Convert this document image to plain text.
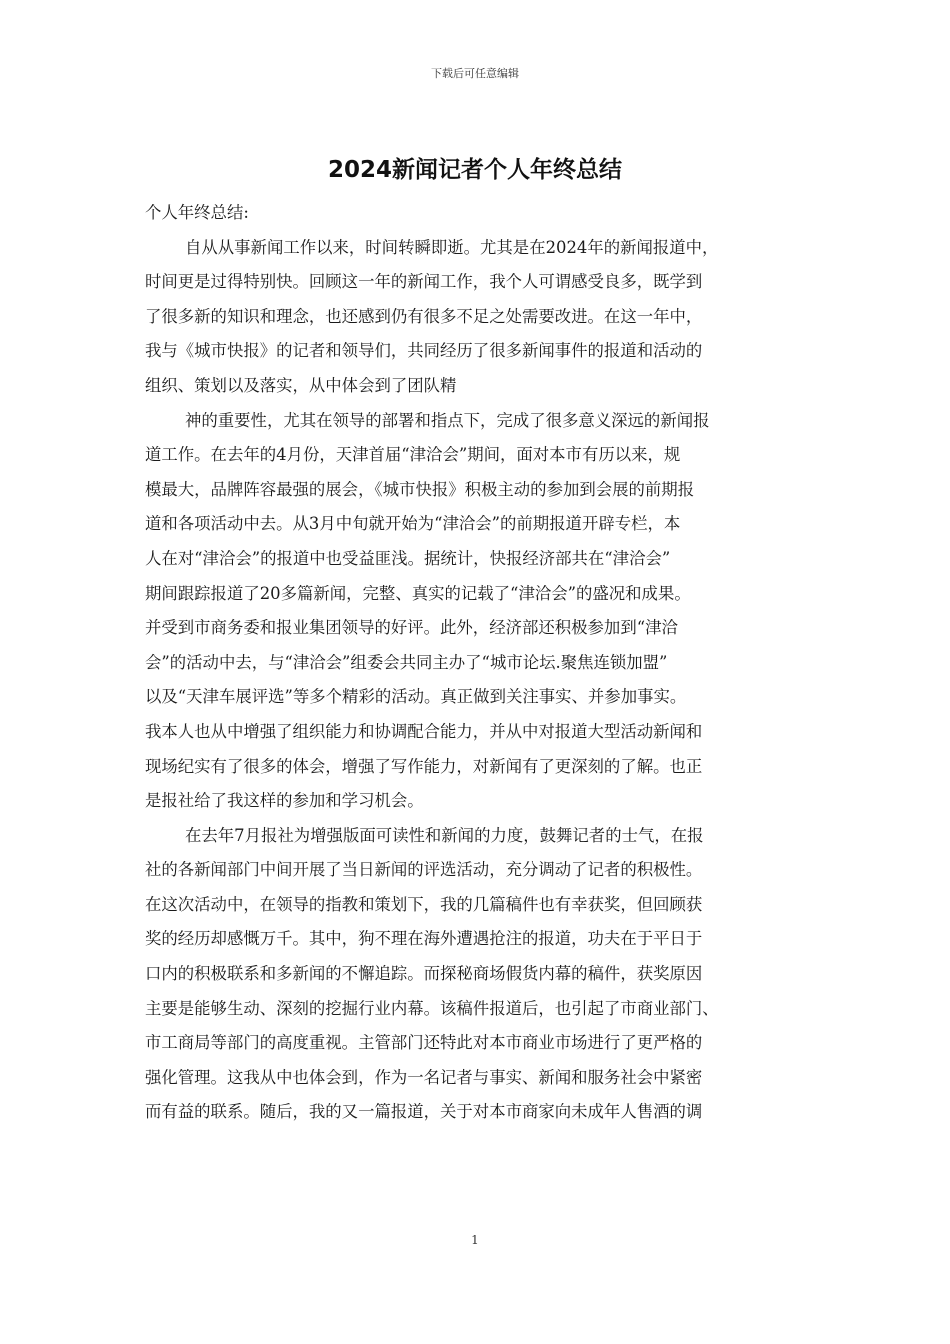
下载后可任意编辑
2024新闻记者个人年终总结
个人年终总结:
自从从事新闻工作以来，时间转瞬即逝。尤其是在2024年的新闻报道中，
时间更是过得特别快。回顾这一年的新闻工作，我个人可谓感受良多，既学到
了很多新的知识和理念，也还感到仍有很多不足之处需要改进。在这一年中，
我与《城市快报》的记者和领导们，共同经历了很多新闻事件的报道和活动的
组织、策划以及落实，从中体会到了团队精
神的重要性，尤其在领导的部署和指点下，完成了很多意义深远的新闻报
道工作。在去年的4月份，天津首届“津洽会”期间，面对本市有历以来，规
模最大，品牌阵容最强的展会，《城市快报》积极主动的参加到会展的前期报
道和各项活动中去。从3月中旬就开始为“津洽会”的前期报道开辟专栏，本
人在对“津洽会”的报道中也受益匪浅。据统计，快报经济部共在“津洽会”
期间跟踪报道了20多篇新闻，完整、真实的记载了“津洽会”的盛况和成果。
并受到市商务委和报业集团领导的好评。此外，经济部还积极参加到“津洽
会”的活动中去，与“津洽会”组委会共同主办了“城市论坛.聚焦连锁加盟”
以及“天津车展评选”等多个精彩的活动。真正做到关注事实、并参加事实。
我本人也从中增强了组织能力和协调配合能力，并从中对报道大型活动新闻和
现场纪实有了很多的体会，增强了写作能力，对新闻有了更深刻的了解。也正
是报社给了我这样的参加和学习机会。
在去年7月报社为增强版面可读性和新闻的力度，鼓舞记者的士气，在报
社的各新闻部门中间开展了当日新闻的评选活动，充分调动了记者的积极性。
在这次活动中，在领导的指教和策划下，我的几篇稿件也有幸获奖，但回顾获
奖的经历却感慨万千。其中，狗不理在海外遭遇抢注的报道，功夫在于平日于
口内的积极联系和多新闻的不懈追踪。而探秘商场假货内幕的稿件，获奖原因
主要是能够生动、深刻的挖掘行业内幕。该稿件报道后，也引起了市商业部门、
市工商局等部门的高度重视。主管部门还特此对本市商业市场进行了更严格的
强化管理。这我从中也体会到，作为一名记者与事实、新闻和服务社会中紧密
而有益的联系。随后，我的又一篇报道，关于对本市商家向未成年人售酒的调
1
